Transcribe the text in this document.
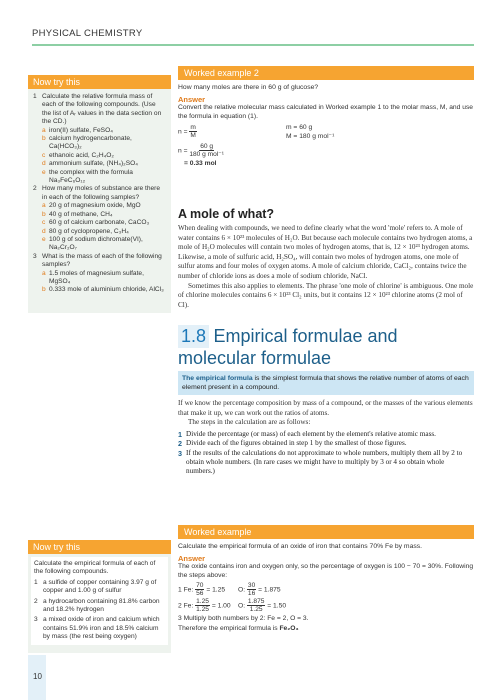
PHYSICAL CHEMISTRY
Now try this
1 Calculate the relative formula mass of each of the following compounds. (Use the list of Aᵣ values in the data section on the CD.)
a iron(II) sulfate, FeSO₄
b calcium hydrogencarbonate, Ca(HCO₃)₂
c ethanoic acid, C₂H₄O₂
d ammonium sulfate, (NH₄)₂SO₄
e the complex with the formula Na₃FeC₆O₁₂
2 How many moles of substance are there in each of the following samples?
a 20 g of magnesium oxide, MgO
b 40 g of methane, CH₄
c 60 g of calcium carbonate, CaCO₃
d 80 g of cyclopropene, C₃H₄
e 100 g of sodium dichromate(VI), Na₂Cr₂O₇
3 What is the mass of each of the following samples?
a 1.5 moles of magnesium sulfate, MgSO₄
b 0.333 mole of aluminium chloride, AlCl₃
Worked example 2
How many moles are there in 60 g of glucose?
Answer
Convert the relative molecular mass calculated in Worked example 1 to the molar mass, M, and use the formula in equation (1).
$n = \frac{m}{M}$	m = 60 g
M = 180 g mol⁻¹
$n = \frac{60 g}{\text{180 g mol⁻¹}}$
= 0.33 mol
A mole of what?
When dealing with compounds, we need to define clearly what the word 'mole' refers to. A mole of water contains 6 × 10²³ molecules of H₂O. But because each molecule contains two hydrogen atoms, a mole of H₂O molecules will contain two moles of hydrogen atoms, that is, 12 × 10²³ hydrogen atoms. Likewise, a mole of sulfuric acid, H₂SO₄, will contain two moles of hydrogen atoms, one mole of sulfur atoms and four moles of oxygen atoms. A mole of calcium chloride, CaCl₂, contains twice the number of chloride ions as does a mole of sodium chloride, NaCl.
Sometimes this also applies to elements. The phrase 'one mole of chlorine' is ambiguous. One mole of chlorine molecules contains 6 × 10²³ Cl₂ units, but it contains 12 × 10²³ chlorine atoms (2 mol of Cl).
1.8 Empirical formulae and molecular formulae
The empirical formula is the simplest formula that shows the relative number of atoms of each element present in a compound.
If we know the percentage composition by mass of a compound, or the masses of the various elements that make it up, we can work out the ratios of atoms.
The steps in the calculation are as follows:
1 Divide the percentage (or mass) of each element by the element's relative atomic mass.
2 Divide each of the figures obtained in step 1 by the smallest of those figures.
3 If the results of the calculations do not approximate to whole numbers, multiply them all by 2 to obtain whole numbers. (In rare cases we might have to multiply by 3 or 4 so obtain whole numbers.)
Now try this
Calculate the empirical formula of each of the following compounds.
1 a sulfide of copper containing 3.97 g of copper and 1.00 g of sulfur
2 a hydrocarbon containing 81.8% carbon and 18.2% hydrogen
3 a mixed oxide of iron and calcium which contains 51.9% iron and 18.5% calcium by mass (the rest being oxygen)
Worked example
Calculate the empirical formula of an oxide of iron that contains 70% Fe by mass.
Answer
The oxide contains iron and oxygen only, so the percentage of oxygen is 100 − 70 = 30%. Following the steps above:
1 Fe: $\frac{70}{56} = 1.25$	O: $\frac{30}{16} = 1.875$
2 Fe: $\frac{1.25}{1.25} = 1.00$	O: $\frac{1.875}{1.25} = 1.50$
3 Multiply both numbers by 2: Fe = 2, O = 3.
Therefore the empirical formula is Fe₂O₃
10
